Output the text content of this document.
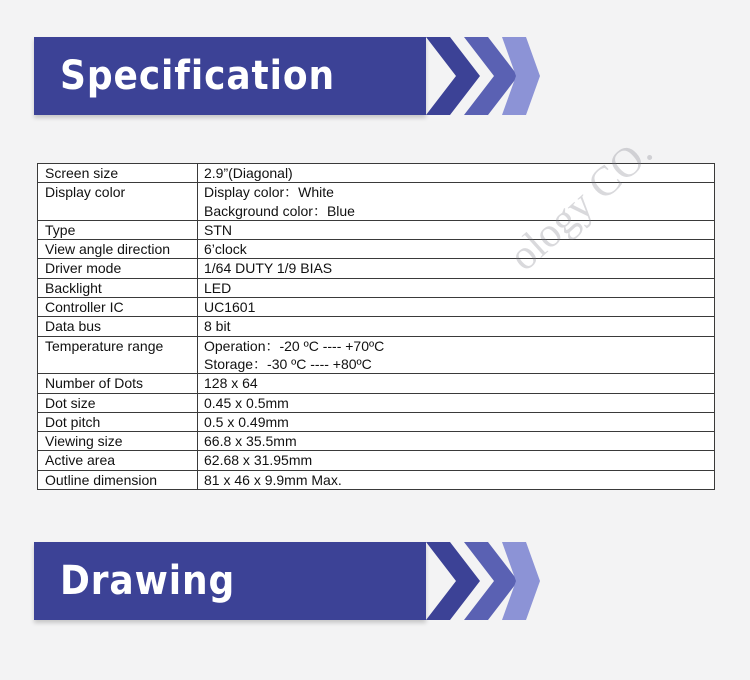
Specification
Screen size	2.9”(Diagonal)
Display color	Display color：White
Background color：Blue
Type	STN
View angle direction	6’clock
Driver mode	1/64 DUTY 1/9 BIAS
Backlight	LED
Controller IC	UC1601
Data bus	8 bit
Temperature range	Operation：-20 ºC ---- +70ºC
Storage：-30 ºC ---- +80ºC
Number of Dots	128 x 64
Dot size	0.45 x 0.5mm
Dot pitch	0.5 x 0.49mm
Viewing size	66.8 x 35.5mm
Active area	62.68 x 31.95mm
Outline dimension	81 x 46 x 9.9mm Max.
ology CO.
Drawing
